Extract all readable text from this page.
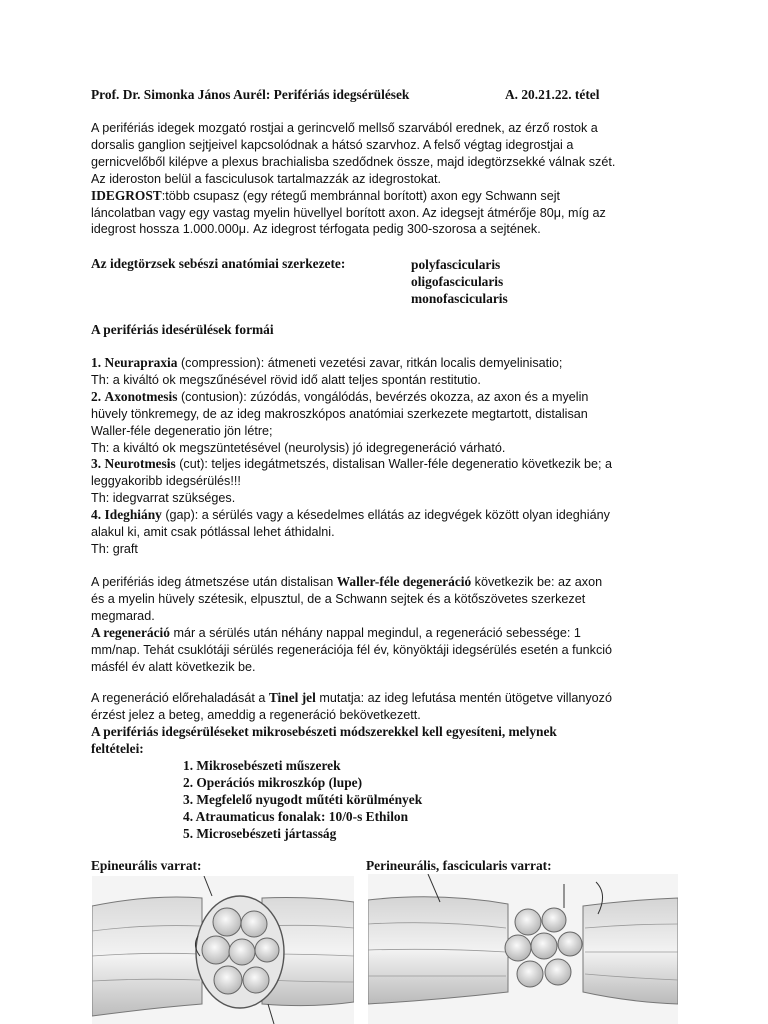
Prof. Dr. Simonka János Aurél: Perifériás idegsérülések	A. 20.21.22. tétel
A perifériás idegek mozgató rostjai a gerincvelő mellső szarvából erednek, az érző rostok a
dorsalis ganglion sejtjeivel kapcsolódnak a hátsó szarvhoz. A felső végtag idegrostjai a
gernicvelőből kilépve a plexus brachialisba szedődnek össze, majd idegtörzsekké válnak szét.
Az ideroston belül a fasciculusok tartalmazzák az idegrostokat.
IDEGROST:több csupasz (egy rétegű membránnal borított) axon egy Schwann sejt
láncolatban vagy egy vastag myelin hüvellyel borított axon. Az idegsejt átmérője 80μ, míg az
idegrost hossza 1.000.000μ. Az idegrost térfogata pedig 300-szorosa a sejtének.
Az idegtörzsek sebészi anatómiai szerkezete:	polyfascicularis
oligofascicularis
monofascicularis
A perifériás idesérülések formái
1. Neurapraxia (compression): átmeneti vezetési zavar, ritkán localis demyelinisatio;
Th: a kiváltó ok megszűnésével rövid idő alatt teljes spontán restitutio.
2. Axonotmesis (contusion): zúzódás, vongálódás, bevérzés okozza, az axon és a myelin
hüvely tönkremegy, de az ideg makroszkópos anatómiai szerkezete megtartott, distalisan
Waller-féle degeneratio jön létre;
Th: a kiváltó ok megszüntetésével (neurolysis) jó idegregeneráció várható.
3. Neurotmesis (cut): teljes idegátmetszés, distalisan Waller-féle degeneratio következik be; a
leggyakoribb idegsérülés!!!
Th: idegvarrat szükséges.
4. Ideghiány (gap): a sérülés vagy a késedelmes ellátás az idegvégek között olyan ideghiány
alakul ki, amit csak pótlással lehet áthidalni.
Th: graft
A perifériás ideg átmetszése után distalisan Waller-féle degeneráció következik be: az axon
és a myelin hüvely szétesik, elpusztul, de a Schwann sejtek és a kötőszövetes szerkezet
megmarad.
A regeneráció már a sérülés után néhány nappal megindul, a regeneráció sebessége: 1
mm/nap. Tehát csuklótáji sérülés regenerációja fél év, könyöktáji idegsérülés esetén a funkció
másfél év alatt következik be.
A regeneráció előrehaladását a Tinel jel mutatja: az ideg lefutása mentén ütögetve villanyozó
érzést jelez a beteg, ameddig a regeneráció bekövetkezett.
A perifériás idegsérüléseket mikrosebészeti módszerekkel kell egyesíteni, melynek
feltételei:
1. Mikrosebészeti műszerek
2. Operációs mikroszkóp (lupe)
3. Megfelelő nyugodt műtéti körülmények
4. Atraumaticus fonalak: 10/0-s Ethilon
5. Microsebészeti jártasság
Epineurális varrat:	Perineurális, fascicularis varrat:
